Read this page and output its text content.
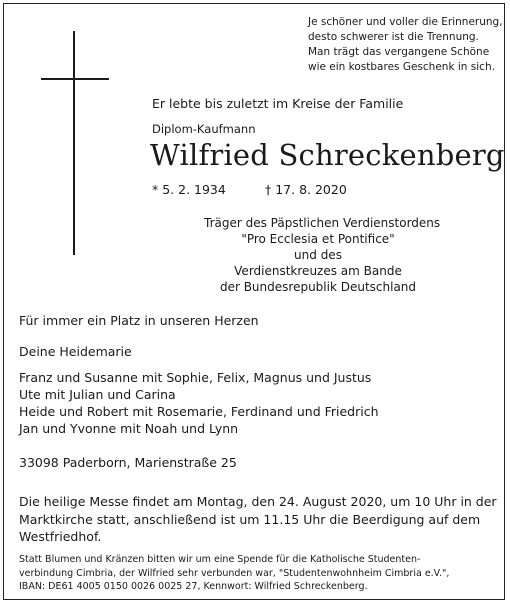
Je schöner und voller die Erinnerung,
desto schwerer ist die Trennung.
Man trägt das vergangene Schöne
wie ein kostbares Geschenk in sich.
Er lebte bis zuletzt im Kreise der Familie
Diplom-Kaufmann
Wilfried Schreckenberg
* 5. 2. 1934	† 17. 8. 2020
Träger des Päpstlichen Verdienstordens
"Pro Ecclesia et Pontifice"
und des
Verdienstkreuzes am Bande
der Bundesrepublik Deutschland
Für immer ein Platz in unseren Herzen
Deine Heidemarie
Franz und Susanne mit Sophie, Felix, Magnus und Justus
Ute mit Julian und Carina
Heide und Robert mit Rosemarie, Ferdinand und Friedrich
Jan und Yvonne mit Noah und Lynn
33098 Paderborn, Marienstraße 25
Die heilige Messe findet am Montag, den 24. August 2020, um 10 Uhr in der
Marktkirche statt, anschließend ist um 11.15 Uhr die Beerdigung auf dem
Westfriedhof.
Statt Blumen und Kränzen bitten wir um eine Spende für die Katholische Studenten-
verbindung Cimbria, der Wilfried sehr verbunden war, "Studentenwohnheim Cimbria e.V.",
IBAN: DE61 4005 0150 0026 0025 27, Kennwort: Wilfried Schreckenberg.
